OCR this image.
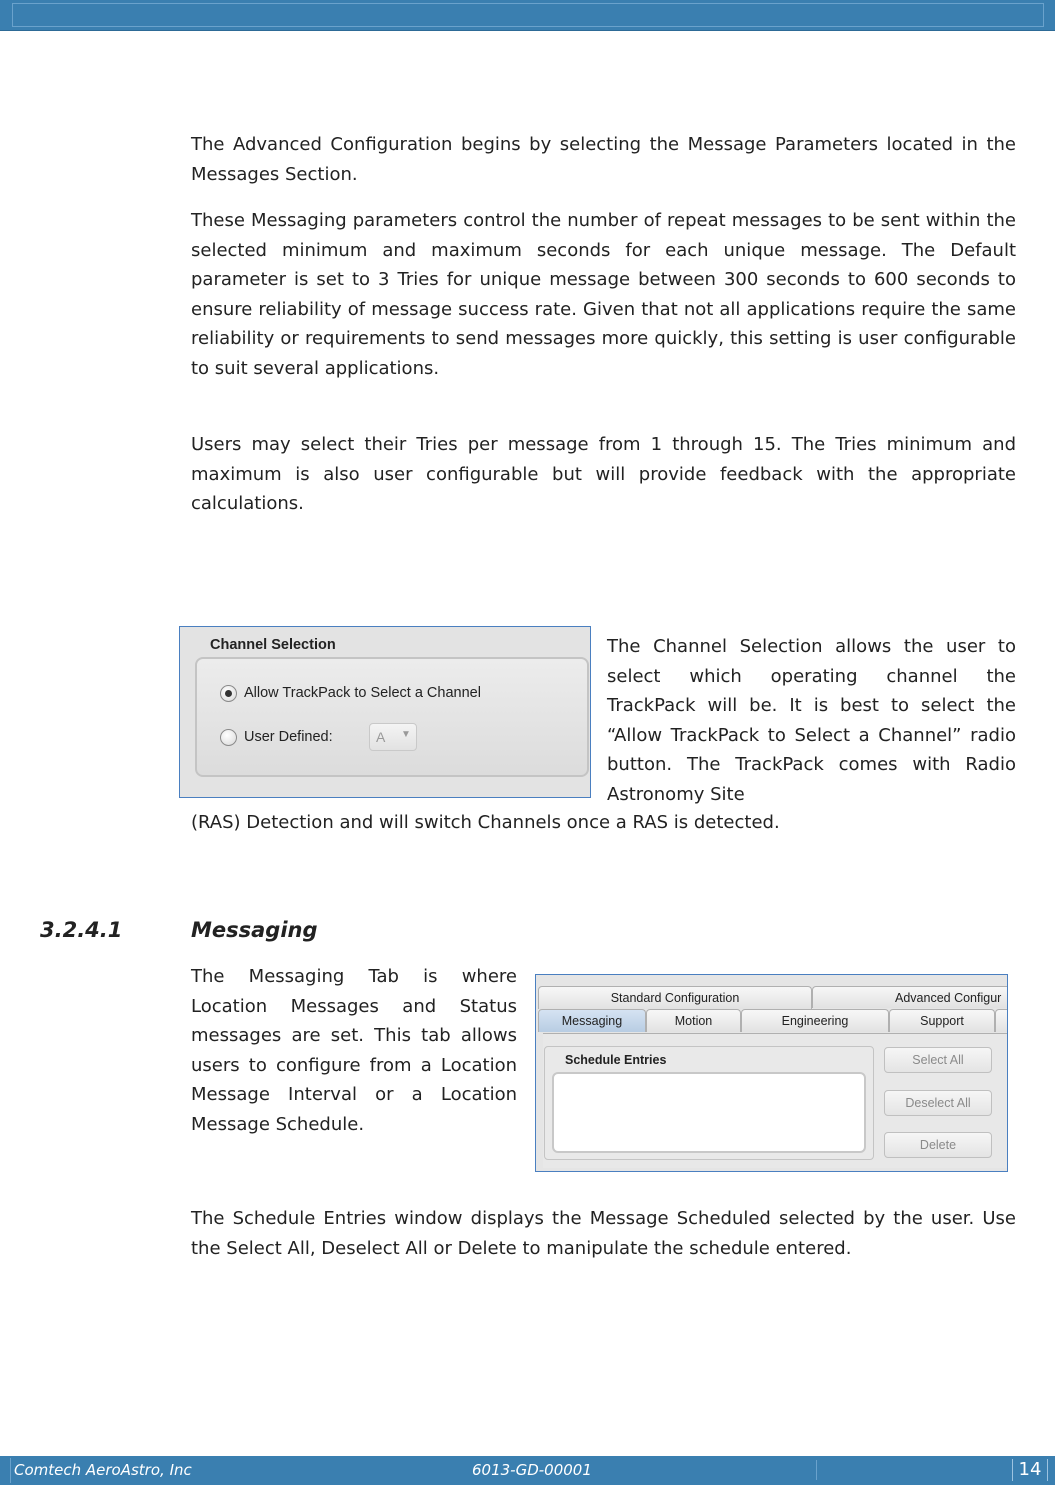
The Advanced Configuration begins by selecting the Message Parameters located in the Messages Section.

These Messaging parameters control the number of repeat messages to be sent within the selected minimum and maximum seconds for each unique message. The Default parameter is set to 3 Tries for unique message between 300 seconds to 600 seconds to ensure reliability of message success rate. Given that not all applications require the same reliability or requirements to send messages more quickly, this setting is user configurable to suit several applications.

Users may select their Tries per message from 1 through 15. The Tries minimum and maximum is also user configurable but will provide feedback with the appropriate calculations.

Channel Selection
Allow TrackPack to Select a Channel
User Defined:	A ▼

The Channel Selection allows the user to select which operating channel the TrackPack will be. It is best to select the “Allow TrackPack to Select a Channel” radio button. The TrackPack comes with Radio Astronomy Site

(RAS) Detection and will switch Channels once a RAS is detected.

3.2.4.1	Messaging

The Messaging Tab is where Location Messages and Status messages are set. This tab allows users to configure from a Location Message Interval or a Location Message Schedule.

Standard Configuration	Advanced Configur
Messaging	Motion	Engineering	Support
Schedule Entries	Select All
Deselect All
Delete

The Schedule Entries window displays the Message Scheduled selected by the user. Use the Select All, Deselect All or Delete to manipulate the schedule entered.

Comtech AeroAstro, Inc	6013-GD-00001	14
